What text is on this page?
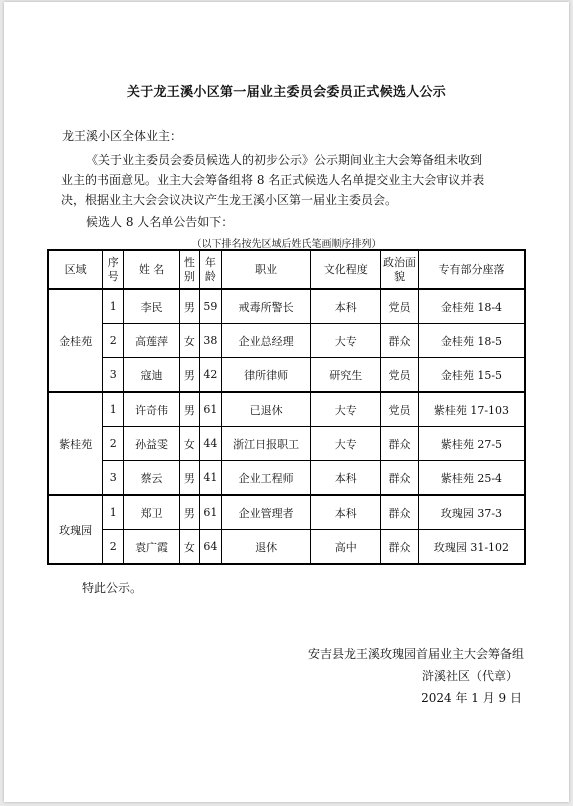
关于龙王溪小区第一届业主委员会委员正式候选人公示
龙王溪小区全体业主：
《关于业主委员会委员候选人的初步公示》公示期间业主大会筹备组未收到
业主的书面意见。业主大会筹备组将 8 名正式候选人名单提交业主大会审议并表
决，根据业主大会会议决议产生龙王溪小区第一届业主委员会。
候选人 8 人名单公告如下：
（以下排名按先区域后姓氏笔画顺序排列）
区域	序号	姓 名	性别	年龄	职业	文化程度	政治面貌	专有部分座落
金桂苑	1	李民	男	59	戒毒所警长	本科	党员	金桂苑 18-4
	2	高莲萍	女	38	企业总经理	大专	群众	金桂苑 18-5
	3	寇迪	男	42	律所律师	研究生	党员	金桂苑 15-5
紫桂苑	1	许奇伟	男	61	已退休	大专	党员	紫桂苑 17-103
	2	孙益雯	女	44	浙江日报职工	大专	群众	紫桂苑 27-5
	3	蔡云	男	41	企业工程师	本科	群众	紫桂苑 25-4
玫瑰园	1	郑卫	男	61	企业管理者	本科	群众	玫瑰园 37-3
	2	袁广霞	女	64	退休	高中	群众	玫瑰园 31-102
特此公示。
安吉县龙王溪玫瑰园首届业主大会筹备组
浒溪社区（代章）
2024 年 1 月 9 日
